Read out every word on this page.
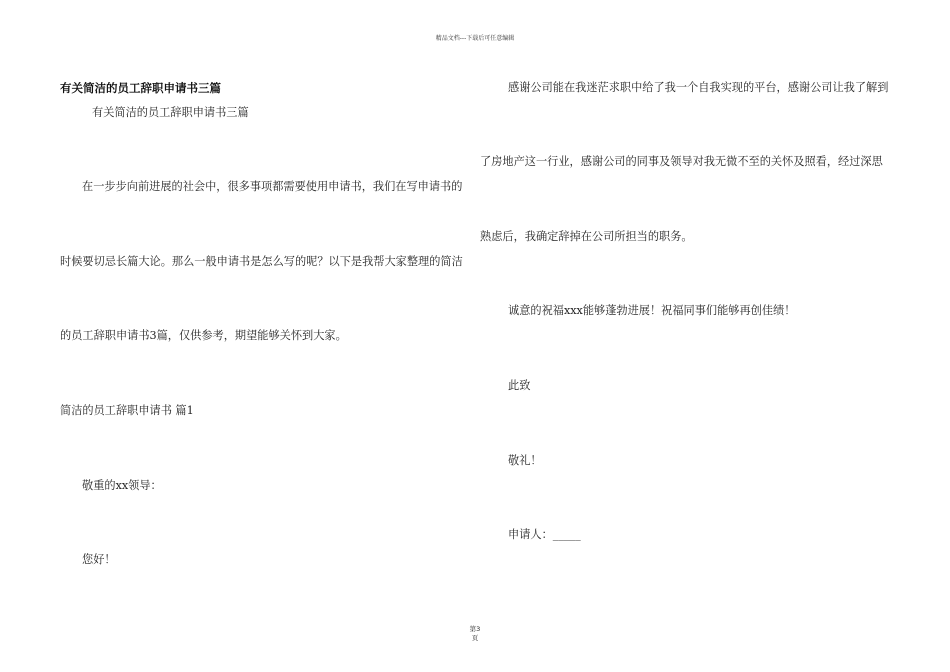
精品文档---下载后可任意编辑
有关简洁的员工辞职申请书三篇
有关简洁的员工辞职申请书三篇
在一步步向前进展的社会中，很多事项都需要使用申请书，我们在写申请书的
时候要切忌长篇大论。那么一般申请书是怎么写的呢？以下是我帮大家整理的简洁
的员工辞职申请书3篇，仅供参考，期望能够关怀到大家。
简洁的员工辞职申请书 篇1
敬重的xx领导：
您好！
感谢公司能在我迷茫求职中给了我一个自我实现的平台，感谢公司让我了解到
了房地产这一行业，感谢公司的同事及领导对我无微不至的关怀及照看，经过深思
熟虑后，我确定辞掉在公司所担当的职务。
诚意的祝福xxx能够蓬勃进展！祝福同事们能够再创佳绩！
此致
敬礼！
申请人：_____
第3
页
